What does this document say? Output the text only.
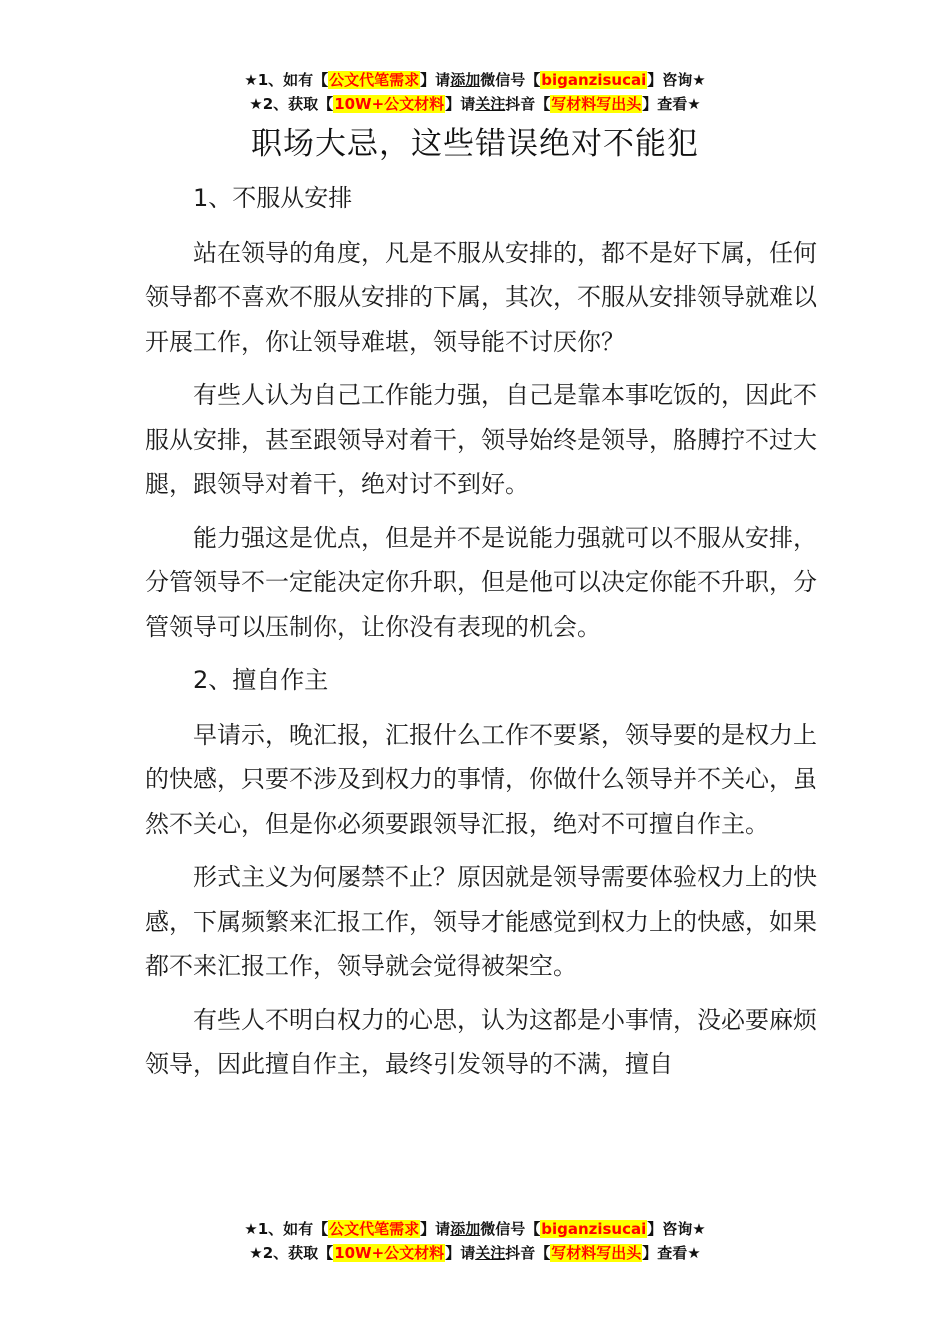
★1、如有【公文代笔需求】请添加微信号【biganzisucai】咨询★
★2、获取【10W+公文材料】请关注抖音【写材料写出头】查看★
职场大忌，这些错误绝对不能犯

1、不服从安排

站在领导的角度，凡是不服从安排的，都不是好下属，任何领导都不喜欢不服从安排的下属，其次，不服从安排领导就难以开展工作，你让领导难堪，领导能不讨厌你？

有些人认为自己工作能力强，自己是靠本事吃饭的，因此不服从安排，甚至跟领导对着干，领导始终是领导，胳膊拧不过大腿，跟领导对着干，绝对讨不到好。

能力强这是优点，但是并不是说能力强就可以不服从安排，分管领导不一定能决定你升职，但是他可以决定你能不升职，分管领导可以压制你，让你没有表现的机会。

2、擅自作主

早请示，晚汇报，汇报什么工作不要紧，领导要的是权力上的快感，只要不涉及到权力的事情，你做什么领导并不关心，虽然不关心，但是你必须要跟领导汇报，绝对不可擅自作主。

形式主义为何屡禁不止？原因就是领导需要体验权力上的快感，下属频繁来汇报工作，领导才能感觉到权力上的快感，如果都不来汇报工作，领导就会觉得被架空。

有些人不明白权力的心思，认为这都是小事情，没必要麻烦领导，因此擅自作主，最终引发领导的不满，擅自

★1、如有【公文代笔需求】请添加微信号【biganzisucai】咨询★
★2、获取【10W+公文材料】请关注抖音【写材料写出头】查看★
